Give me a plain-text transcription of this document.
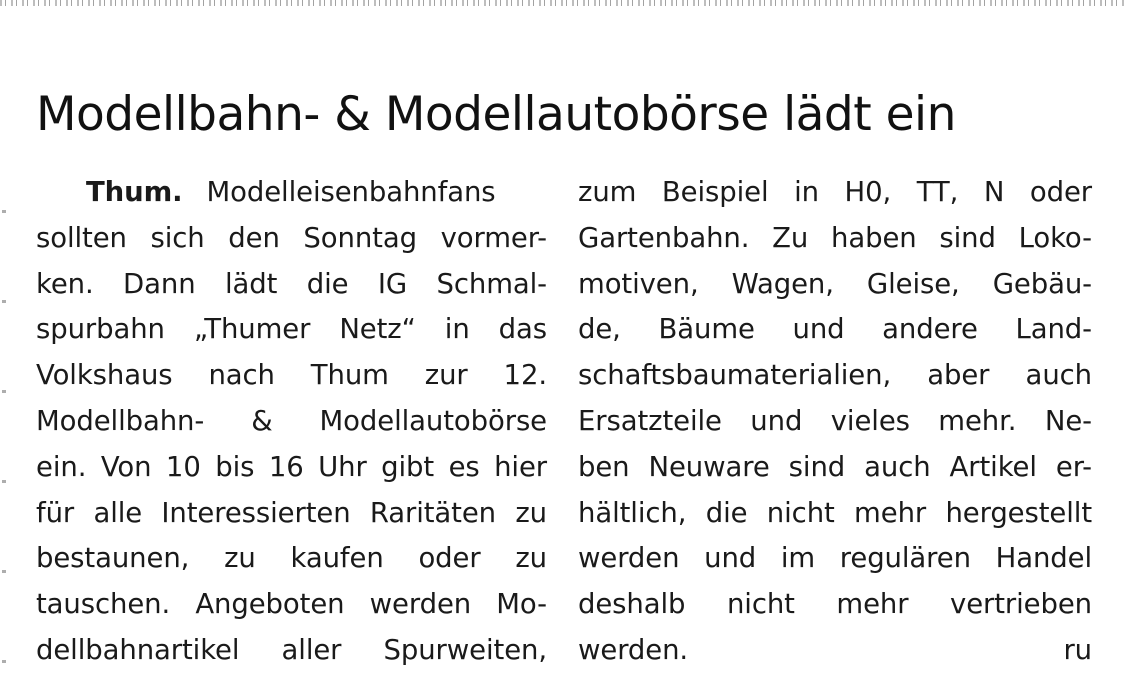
Modellbahn- & Modellautobörse lädt ein
Thum. Modelleisenbahnfans
sollten sich den Sonntag vormer-
ken. Dann lädt die IG Schmal-
spurbahn „Thumer Netz“ in das
Volkshaus nach Thum zur 12.
Modellbahn- & Modellautobörse
ein. Von 10 bis 16 Uhr gibt es hier
für alle Interessierten Raritäten zu
bestaunen, zu kaufen oder zu
tauschen. Angeboten werden Mo-
dellbahnartikel aller Spurweiten,
zum Beispiel in H0, TT, N oder
Gartenbahn. Zu haben sind Loko-
motiven, Wagen, Gleise, Gebäu-
de, Bäume und andere Land-
schaftsbaumaterialien, aber auch
Ersatzteile und vieles mehr. Ne-
ben Neuware sind auch Artikel er-
hältlich, die nicht mehr hergestellt
werden und im regulären Handel
deshalb nicht mehr vertrieben
werden.	ru
